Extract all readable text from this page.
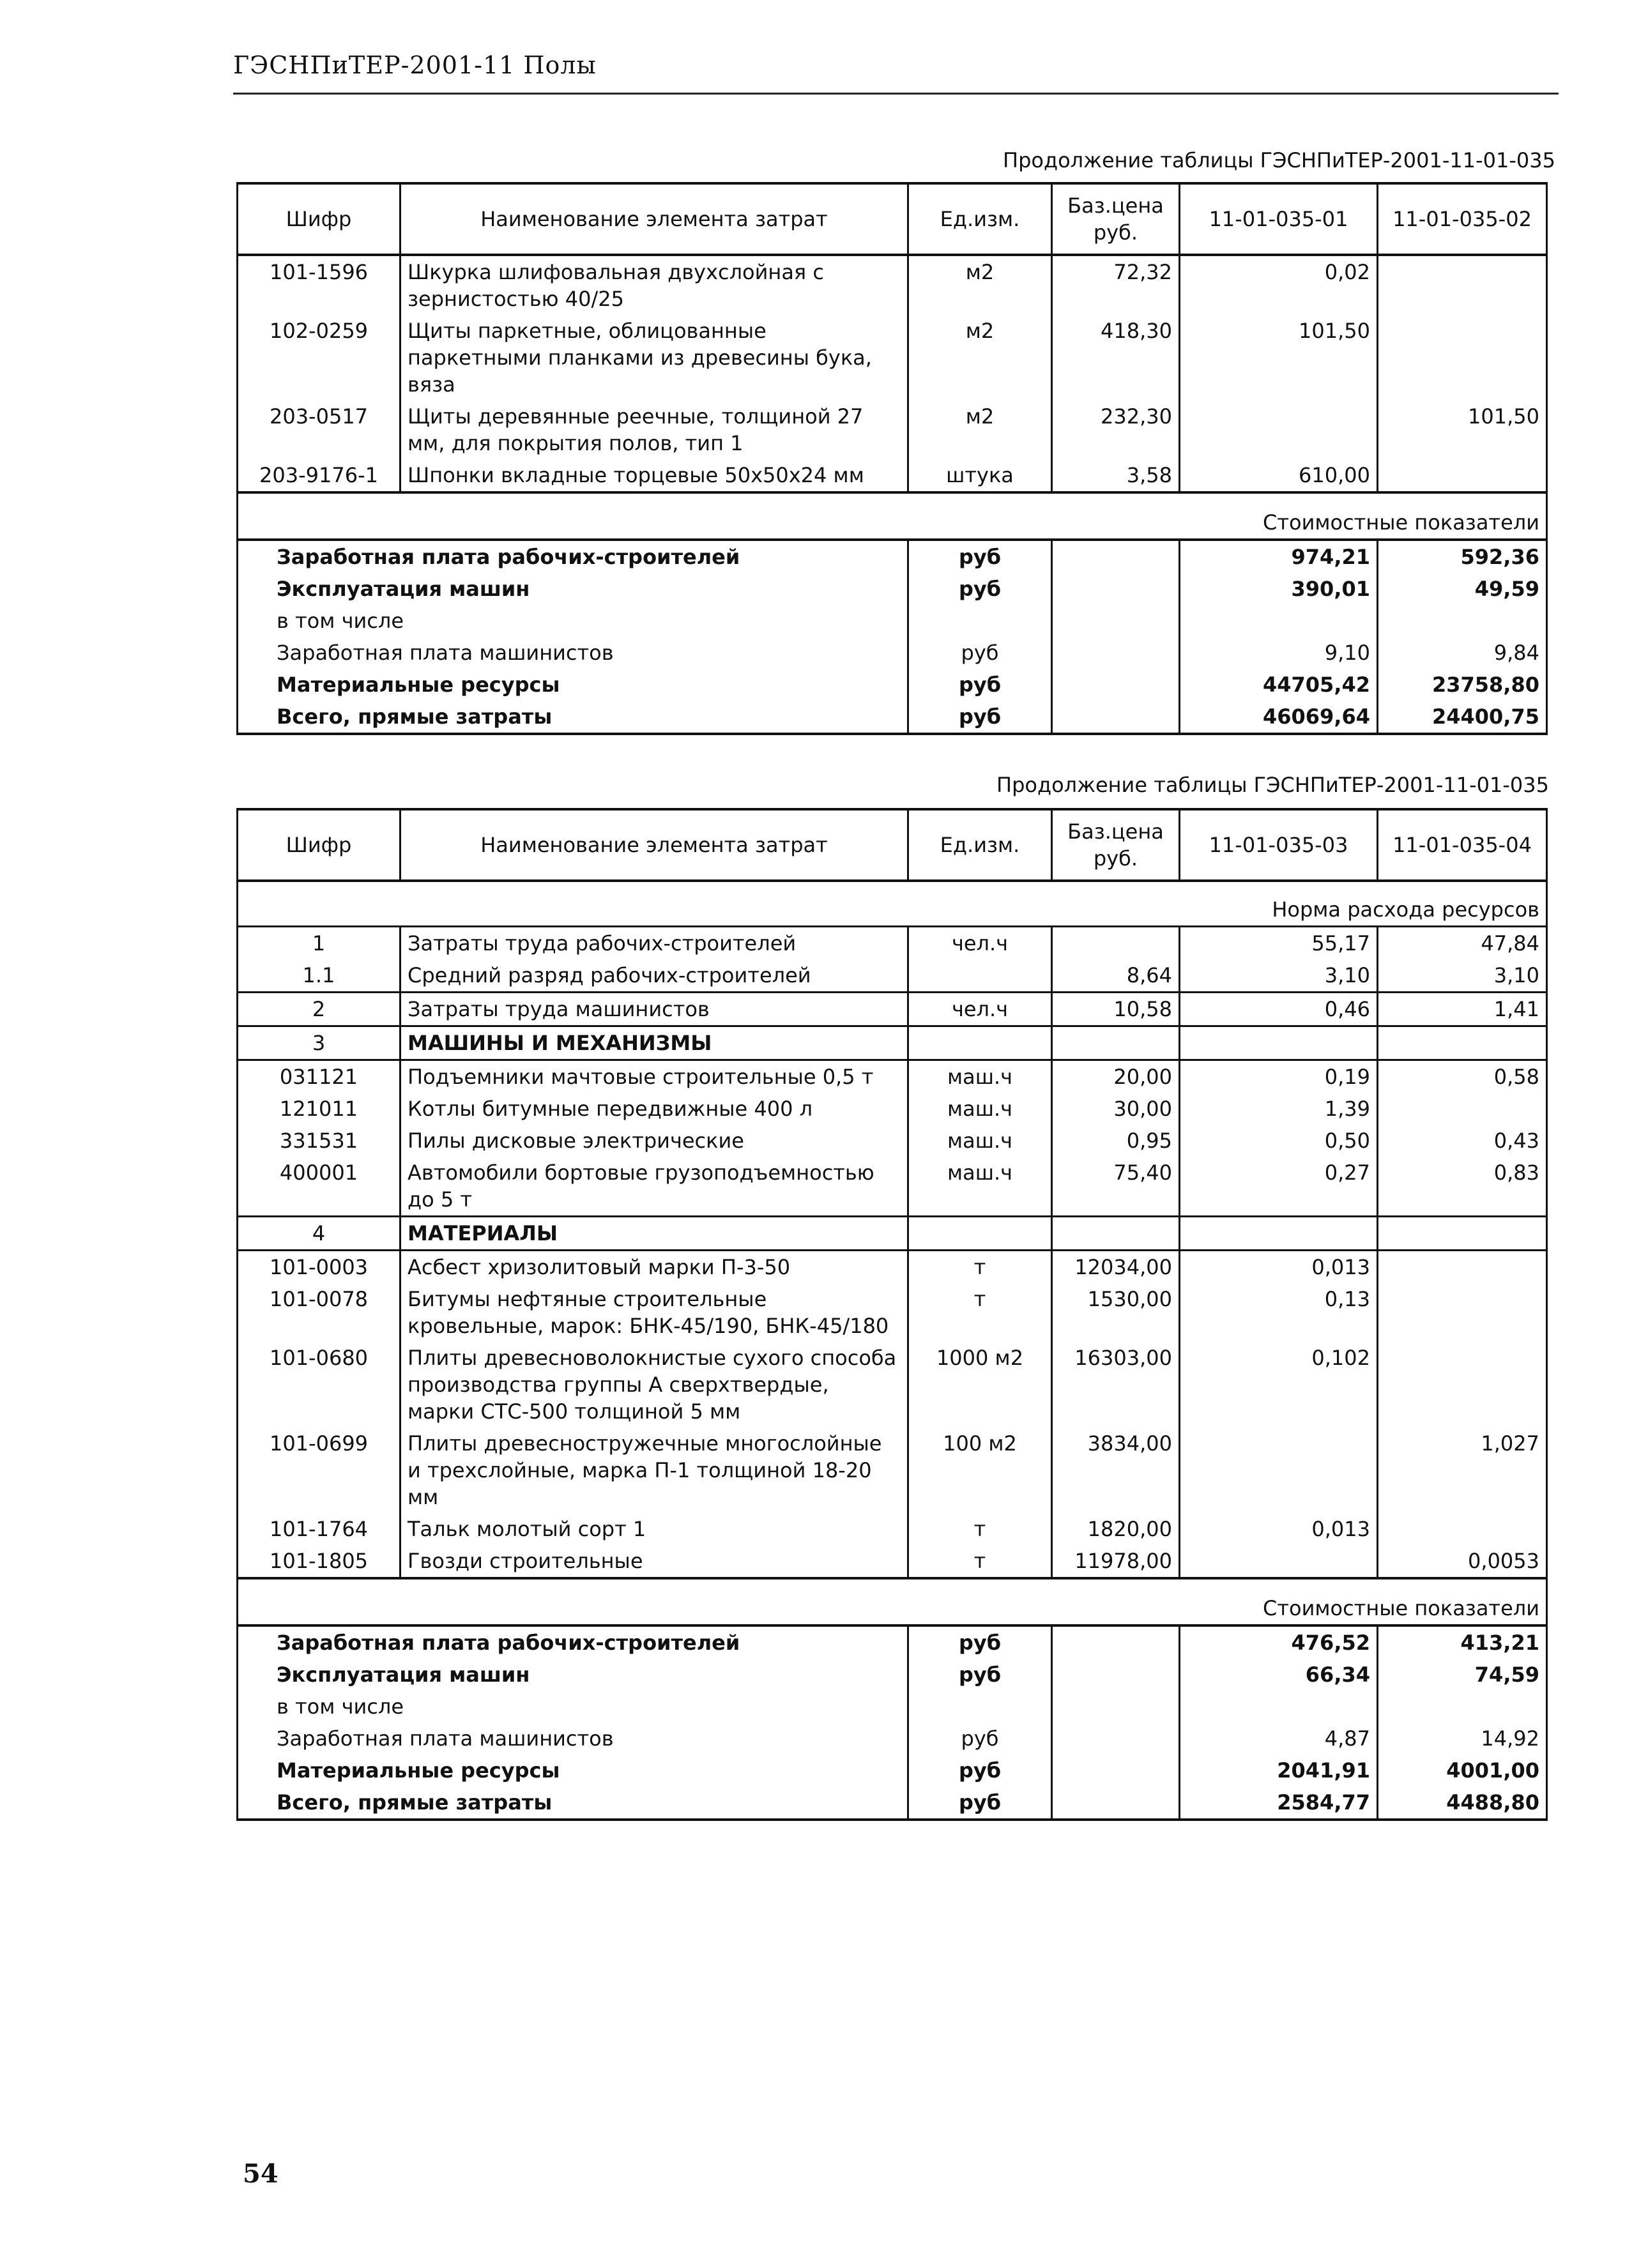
ГЭСНПиТЕР-2001-11 Полы
Продолжение таблицы ГЭСНПиТЕР-2001-11-01-035
Шифр	Наименование элемента затрат	Ед.изм.	Баз.цена руб.	11-01-035-01	11-01-035-02
101-1596	Шкурка шлифовальная двухслойная с зернистостью 40/25	м2	72,32	0,02	
102-0259	Щиты паркетные, облицованные паркетными планками из древесины бука, вяза	м2	418,30	101,50	
203-0517	Щиты деревянные реечные, толщиной 27 мм, для покрытия полов, тип 1	м2	232,30		101,50
203-9176-1	Шпонки вкладные торцевые 50х50х24 мм	штука	3,58	610,00	
Стоимостные показатели					
Заработная плата рабочих-строителей		руб		974,21	592,36
Эксплуатация машин		руб		390,01	49,59
в том числе					
Заработная плата машинистов		руб		9,10	9,84
Материальные ресурсы		руб		44705,42	23758,80
Всего, прямые затраты		руб		46069,64	24400,75
Продолжение таблицы ГЭСНПиТЕР-2001-11-01-035
Шифр	Наименование элемента затрат	Ед.изм.	Баз.цена руб.	11-01-035-03	11-01-035-04
Норма расхода ресурсов					
1	Затраты труда рабочих-строителей	чел.ч		55,17	47,84
1.1	Средний разряд рабочих-строителей		8,64	3,10	3,10
2	Затраты труда машинистов	чел.ч	10,58	0,46	1,41
3	МАШИНЫ И МЕХАНИЗМЫ				
031121	Подъемники мачтовые строительные 0,5 т	маш.ч	20,00	0,19	0,58
121011	Котлы битумные передвижные 400 л	маш.ч	30,00	1,39	
331531	Пилы дисковые электрические	маш.ч	0,95	0,50	0,43
400001	Автомобили бортовые грузоподъемностью до 5 т	маш.ч	75,40	0,27	0,83
4	МАТЕРИАЛЫ				
101-0003	Асбест хризолитовый марки П-3-50	т	12034,00	0,013	
101-0078	Битумы нефтяные строительные кровельные, марок: БНК-45/190, БНК-45/180	т	1530,00	0,13	
101-0680	Плиты древесноволокнистые сухого способа производства группы А сверхтвердые, марки СТС-500 толщиной 5 мм	1000 м2	16303,00	0,102	
101-0699	Плиты древесностружечные многослойные и трехслойные, марка П-1 толщиной 18-20 мм	100 м2	3834,00		1,027
101-1764	Тальк молотый сорт 1	т	1820,00	0,013	
101-1805	Гвозди строительные	т	11978,00		0,0053
Стоимостные показатели					
Заработная плата рабочих-строителей		руб		476,52	413,21
Эксплуатация машин		руб		66,34	74,59
в том числе					
Заработная плата машинистов		руб		4,87	14,92
Материальные ресурсы		руб		2041,91	4001,00
Всего, прямые затраты		руб		2584,77	4488,80
54
